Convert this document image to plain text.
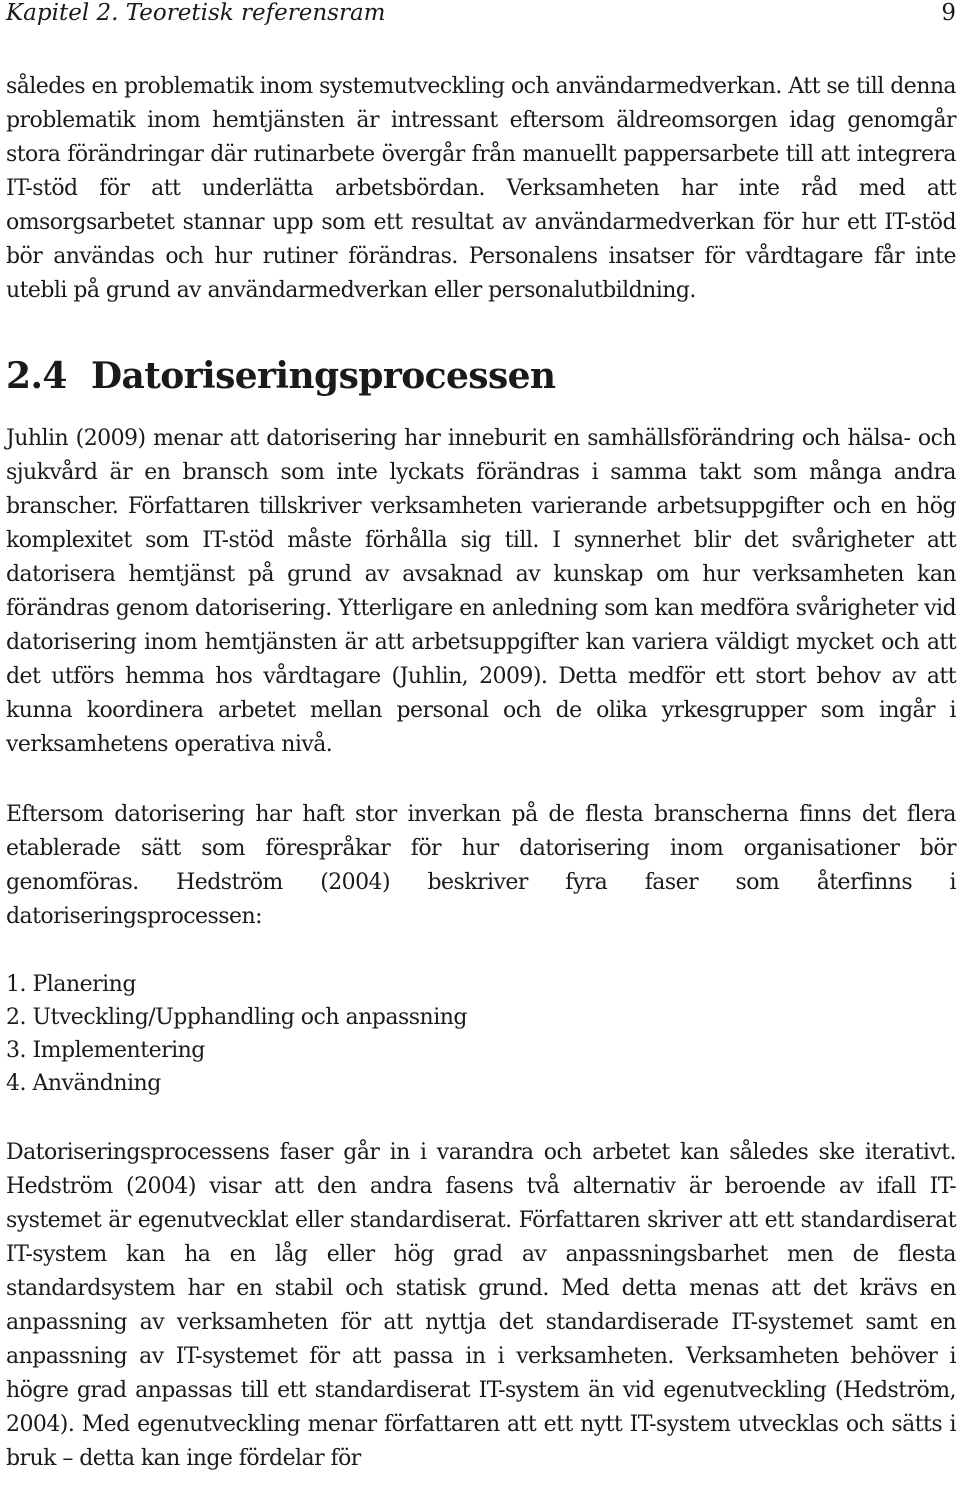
Kapitel 2. Teoretisk referensram	9

således en problematik inom systemutveckling och användarmedverkan. Att se till denna problematik inom hemtjänsten är intressant eftersom äldreomsorgen idag genomgår stora förändringar där rutinarbete övergår från manuellt pappersarbete till att integrera IT-stöd för att underlätta arbetsbördan. Verksamheten har inte råd med att omsorgsarbetet stannar upp som ett resultat av användarmedverkan för hur ett IT-stöd bör användas och hur rutiner förändras. Personalens insatser för vårdtagare får inte utebli på grund av användarmedverkan eller personalutbildning.

2.4 Datoriseringsprocessen

Juhlin (2009) menar att datorisering har inneburit en samhällsförändring och hälsa- och sjukvård är en bransch som inte lyckats förändras i samma takt som många andra branscher. Författaren tillskriver verksamheten varierande arbetsuppgifter och en hög komplexitet som IT-stöd måste förhålla sig till. I synnerhet blir det svårigheter att datorisera hemtjänst på grund av avsaknad av kunskap om hur verksamheten kan förändras genom datorisering. Ytterligare en anledning som kan medföra svårigheter vid datorisering inom hemtjänsten är att arbetsuppgifter kan variera väldigt mycket och att det utförs hemma hos vårdtagare (Juhlin, 2009). Detta medför ett stort behov av att kunna koordinera arbetet mellan personal och de olika yrkesgrupper som ingår i verksamhetens operativa nivå.

Eftersom datorisering har haft stor inverkan på de flesta branscherna finns det flera etablerade sätt som förespråkar för hur datorisering inom organisationer bör genomföras. Hedström (2004) beskriver fyra faser som återfinns i datoriseringsprocessen:

1. Planering
2. Utveckling/Upphandling och anpassning
3. Implementering
4. Användning

Datoriseringsprocessens faser går in i varandra och arbetet kan således ske iterativt. Hedström (2004) visar att den andra fasens två alternativ är beroende av ifall IT-systemet är egenutvecklat eller standardiserat. Författaren skriver att ett standardiserat IT-system kan ha en låg eller hög grad av anpassningsbarhet men de flesta standardsystem har en stabil och statisk grund. Med detta menas att det krävs en anpassning av verksamheten för att nyttja det standardiserade IT-systemet samt en anpassning av IT-systemet för att passa in i verksamheten. Verksamheten behöver i högre grad anpassas till ett standardiserat IT-system än vid egenutveckling (Hedström, 2004). Med egenutveckling menar författaren att ett nytt IT-system utvecklas och sätts i bruk – detta kan inge fördelar för
